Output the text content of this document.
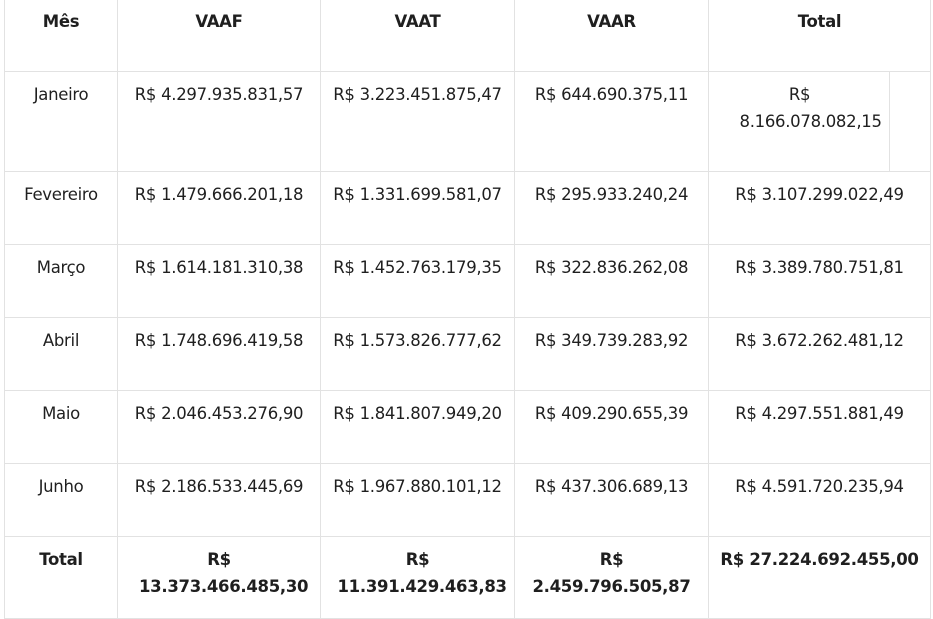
Mês	VAAF	VAAT	VAAR	Total
Janeiro	R$ 4.297.935.831,57	R$ 3.223.451.875,47	R$ 644.690.375,11	R$ 8.166.078.082,15

Fevereiro	R$ 1.479.666.201,18	R$ 1.331.699.581,07	R$ 295.933.240,24	R$ 3.107.299.022,49
Março	R$ 1.614.181.310,38	R$ 1.452.763.179,35	R$ 322.836.262,08	R$ 3.389.780.751,81
Abril	R$ 1.748.696.419,58	R$ 1.573.826.777,62	R$ 349.739.283,92	R$ 3.672.262.481,12
Maio	R$ 2.046.453.276,90	R$ 1.841.807.949,20	R$ 409.290.655,39	R$ 4.297.551.881,49
Junho	R$ 2.186.533.445,69	R$ 1.967.880.101,12	R$ 437.306.689,13	R$ 4.591.720.235,94
Total	R$ 13.373.466.485,30	R$ 11.391.429.463,83	R$ 2.459.796.505,87	R$ 27.224.692.455,00
